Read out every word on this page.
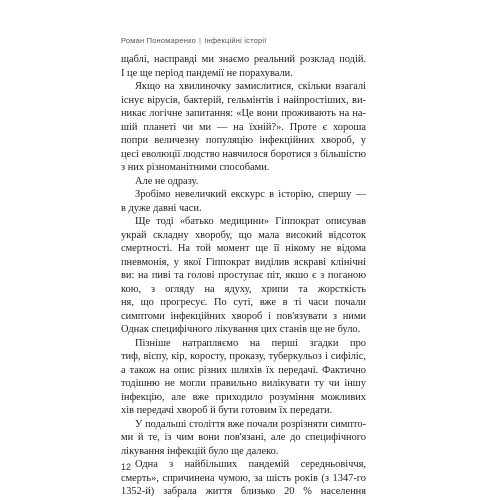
Роман Пономаренко | Інфекційні історії
щаблі, насправді ми знаємо реальний розклад подій.
І це ще період пандемії не порахували.
Якщо на хвилиночку замислитися, скільки взагалі
існує вірусів, бактерій, гельмінтів і найпростіших, ви-
никає логічне запитання: «Це вони проживають на на-
шій планеті чи ми — на їхній?». Проте є хороша
попри величезну популяцію інфекційних хвороб, у
цесі еволюції людство навчилося боротися з більшістю
з них різноманітними способами.
Але не одразу.
Зробімо невеличкий екскурс в історію, спершу —
в дуже давні часи.
Ще тоді «батько медицини» Гіппократ описував
украй складну хворобу, що мала високий відсоток
смертності. На той момент ще її нікому не відома
пневмонія, у якої Гіппократ виділив яскраві клінічні
ви: на пиві та голові проступає піт, якшо є з поганою
кою, з огляду на ядуху, хрипи та жорсткість
ня, що прогресує. По суті, вже в ті часи почали
симптоми інфекційних хвороб і пов'язувати з ними
Однак специфічного лікування цих станів ще не було.
Пізніше натрапляємо на перші згадки про
тиф, віспу, кір, коросту, проказу, туберкульоз і сифіліс,
а також на опис різних шляхів їх передачі. Фактично
тодішню не могли правильно вилікувати ту чи іншу
інфекцію, але вже приходило розуміння можливих
хів передачі хвороб й бути готовим їх передати.
У подальші століття вже почали розрізняти симпто-
ми й те, із чим вони пов'язані, але до специфічного
лікування інфекцій було ще далеко.
Одна з найбільших пандемій середньовіччя,
смерть», спричинена чумою, за шість років (з 1347-го
1352-й) забрала життя близько 20 % населення
12
